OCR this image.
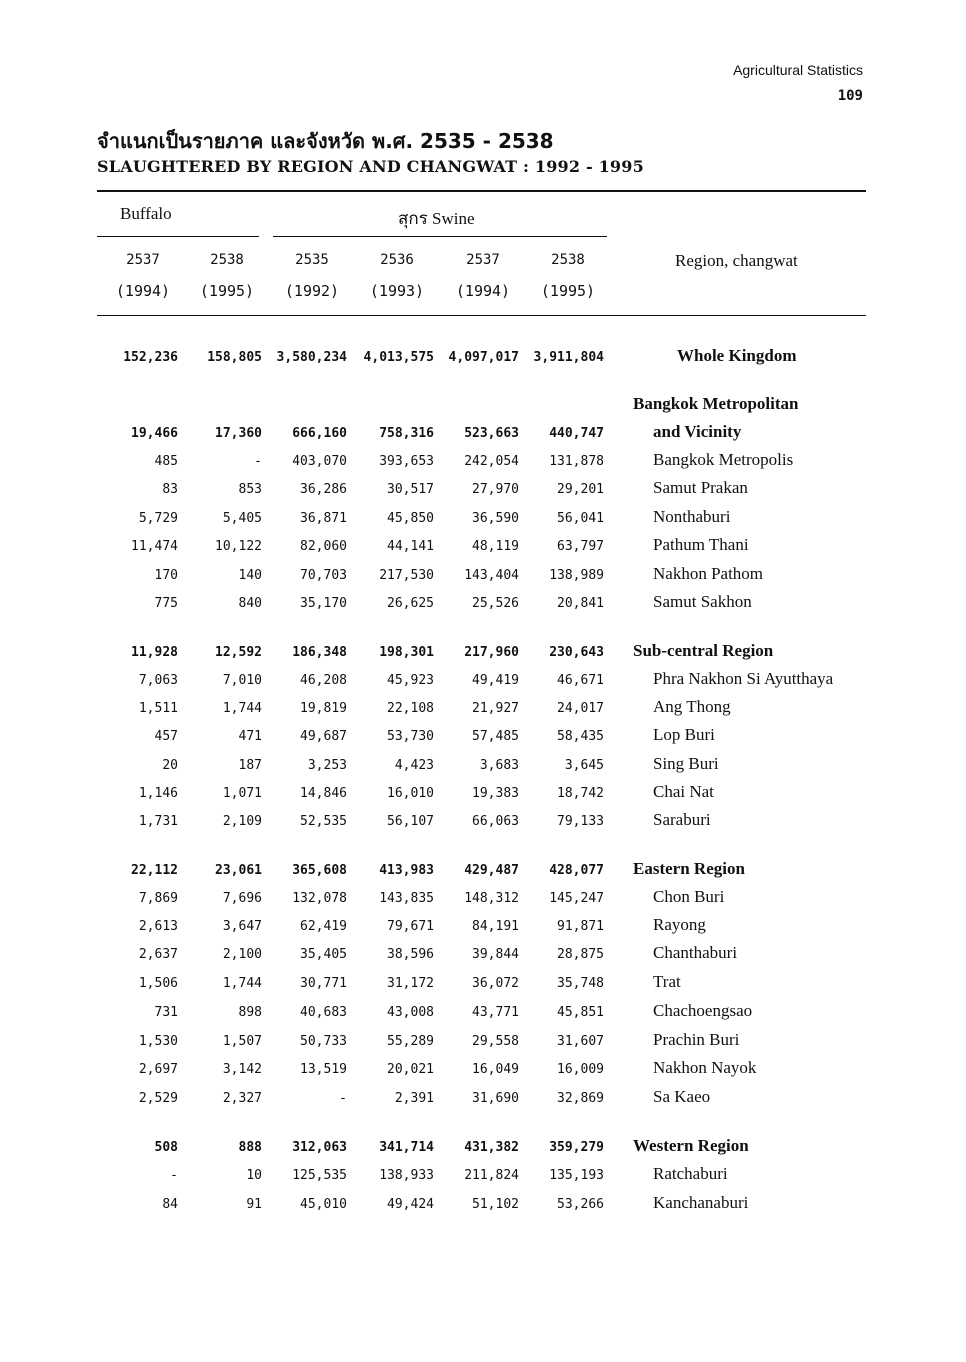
Agricultural Statistics
109
จำแนกเป็นรายภาค และจังหวัด พ.ศ. 2535 - 2538
SLAUGHTERED BY REGION AND CHANGWAT : 1992 - 1995
Buffalo	สุกร Swine
2537
(1994)
2538
(1995)
2535
(1992)
2536
(1993)
2537
(1994)
2538
(1995)
Region, changwat
152,236 158,805 3,580,234 4,013,575 4,097,017 3,911,804	Whole Kingdom
Bangkok Metropolitan
19,466	17,360 666,160 758,316 523,663 440,747	and Vicinity
485	- 403,070 393,653 242,054 131,878	Bangkok Metropolis
83	853	36,286	30,517	27,970	29,201	Samut Prakan
5,729	5,405	36,871	45,850	36,590	56,041	Nonthaburi
11,474	10,122	82,060	44,141	48,119	63,797	Pathum Thani
170	140	70,703 217,530 143,404 138,989	Nakhon Pathom
775	840	35,170	26,625	25,526	20,841	Samut Sakhon
11,928	12,592 186,348 198,301 217,960 230,643 Sub-central Region
7,063	7,010	46,208	45,923	49,419	46,671	Phra Nakhon Si Ayutthaya
1,511	1,744	19,819	22,108	21,927	24,017	Ang Thong
457	471	49,687	53,730	57,485	58,435	Lop Buri
20	187	3,253	4,423	3,683	3,645	Sing Buri
1,146	1,071	14,846	16,010	19,383	18,742	Chai Nat
1,731	2,109	52,535	56,107	66,063	79,133	Saraburi
22,112	23,061 365,608 413,983 429,487 428,077 Eastern Region
7,869	7,696 132,078 143,835 148,312 145,247	Chon Buri
2,613	3,647	62,419	79,671	84,191	91,871	Rayong
2,637	2,100	35,405	38,596	39,844	28,875	Chanthaburi
1,506	1,744	30,771	31,172	36,072	35,748	Trat
731	898	40,683	43,008	43,771	45,851	Chachoengsao
1,530	1,507	50,733	55,289	29,558	31,607	Prachin Buri
2,697	3,142	13,519	20,021	16,049	16,009	Nakhon Nayok
2,529	2,327	-	2,391	31,690	32,869	Sa Kaeo
508	888 312,063 341,714 431,382 359,279 Western Region
-	10 125,535 138,933 211,824 135,193	Ratchaburi
84	91	45,010	49,424	51,102	53,266	Kanchanaburi
